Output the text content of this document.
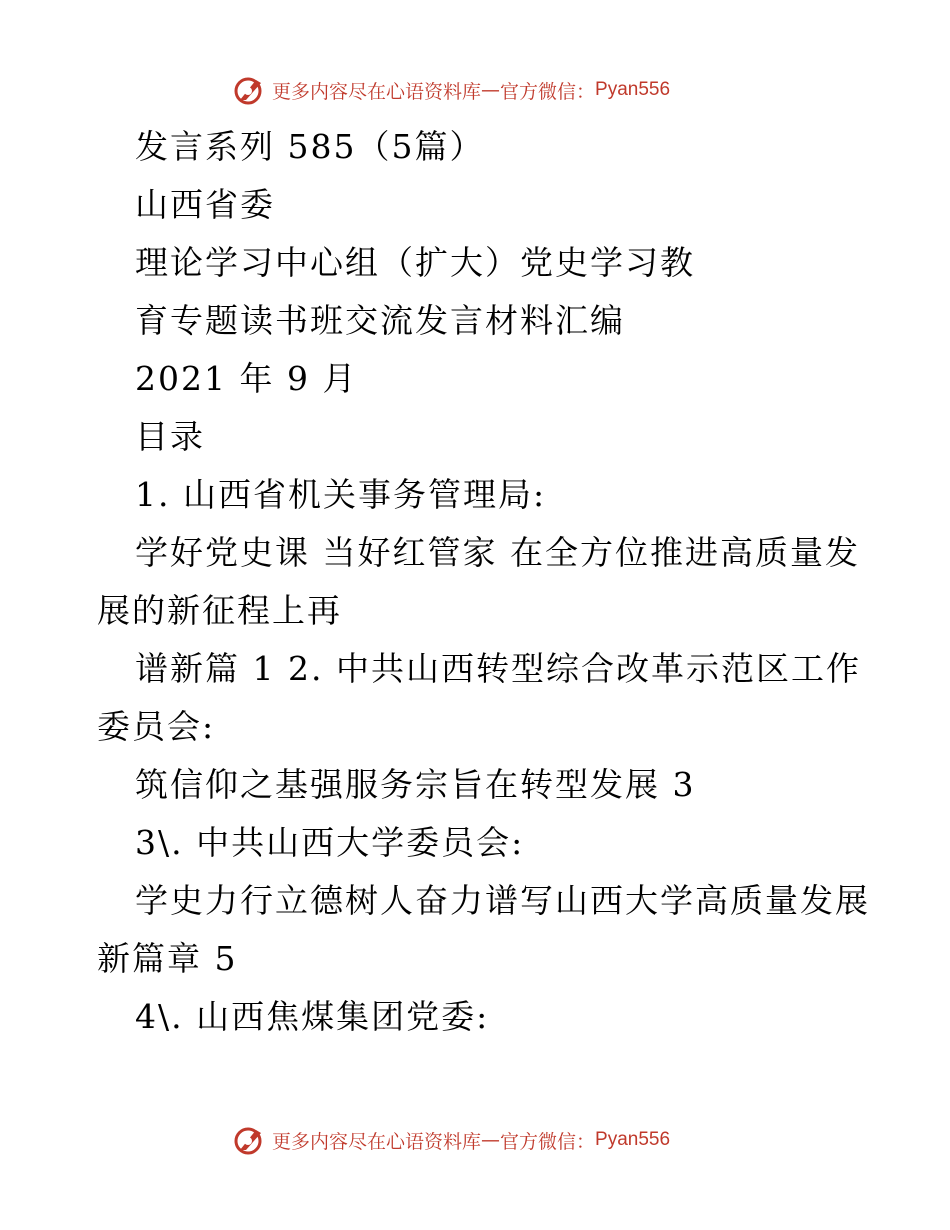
更多内容尽在心语资料库 — 官方微信： Pyan556
发言系列 585（5篇）
山西省委
理论学习中心组（扩大）党史学习教
育专题读书班交流发言材料汇编
2021 年 9 月
目录
1. 山西省机关事务管理局:
学好党史课 当好红管家 在全方位推进高质量发
展的新征程上再
谱新篇 1 2. 中共山西转型综合改革示范区工作
委员会:
筑信仰之基强服务宗旨在转型发展 3
3\. 中共山西大学委员会:
学史力行立德树人奋力谱写山西大学高质量发展
新篇章 5
4\. 山西焦煤集团党委:
更多内容尽在心语资料库 — 官方微信： Pyan556
